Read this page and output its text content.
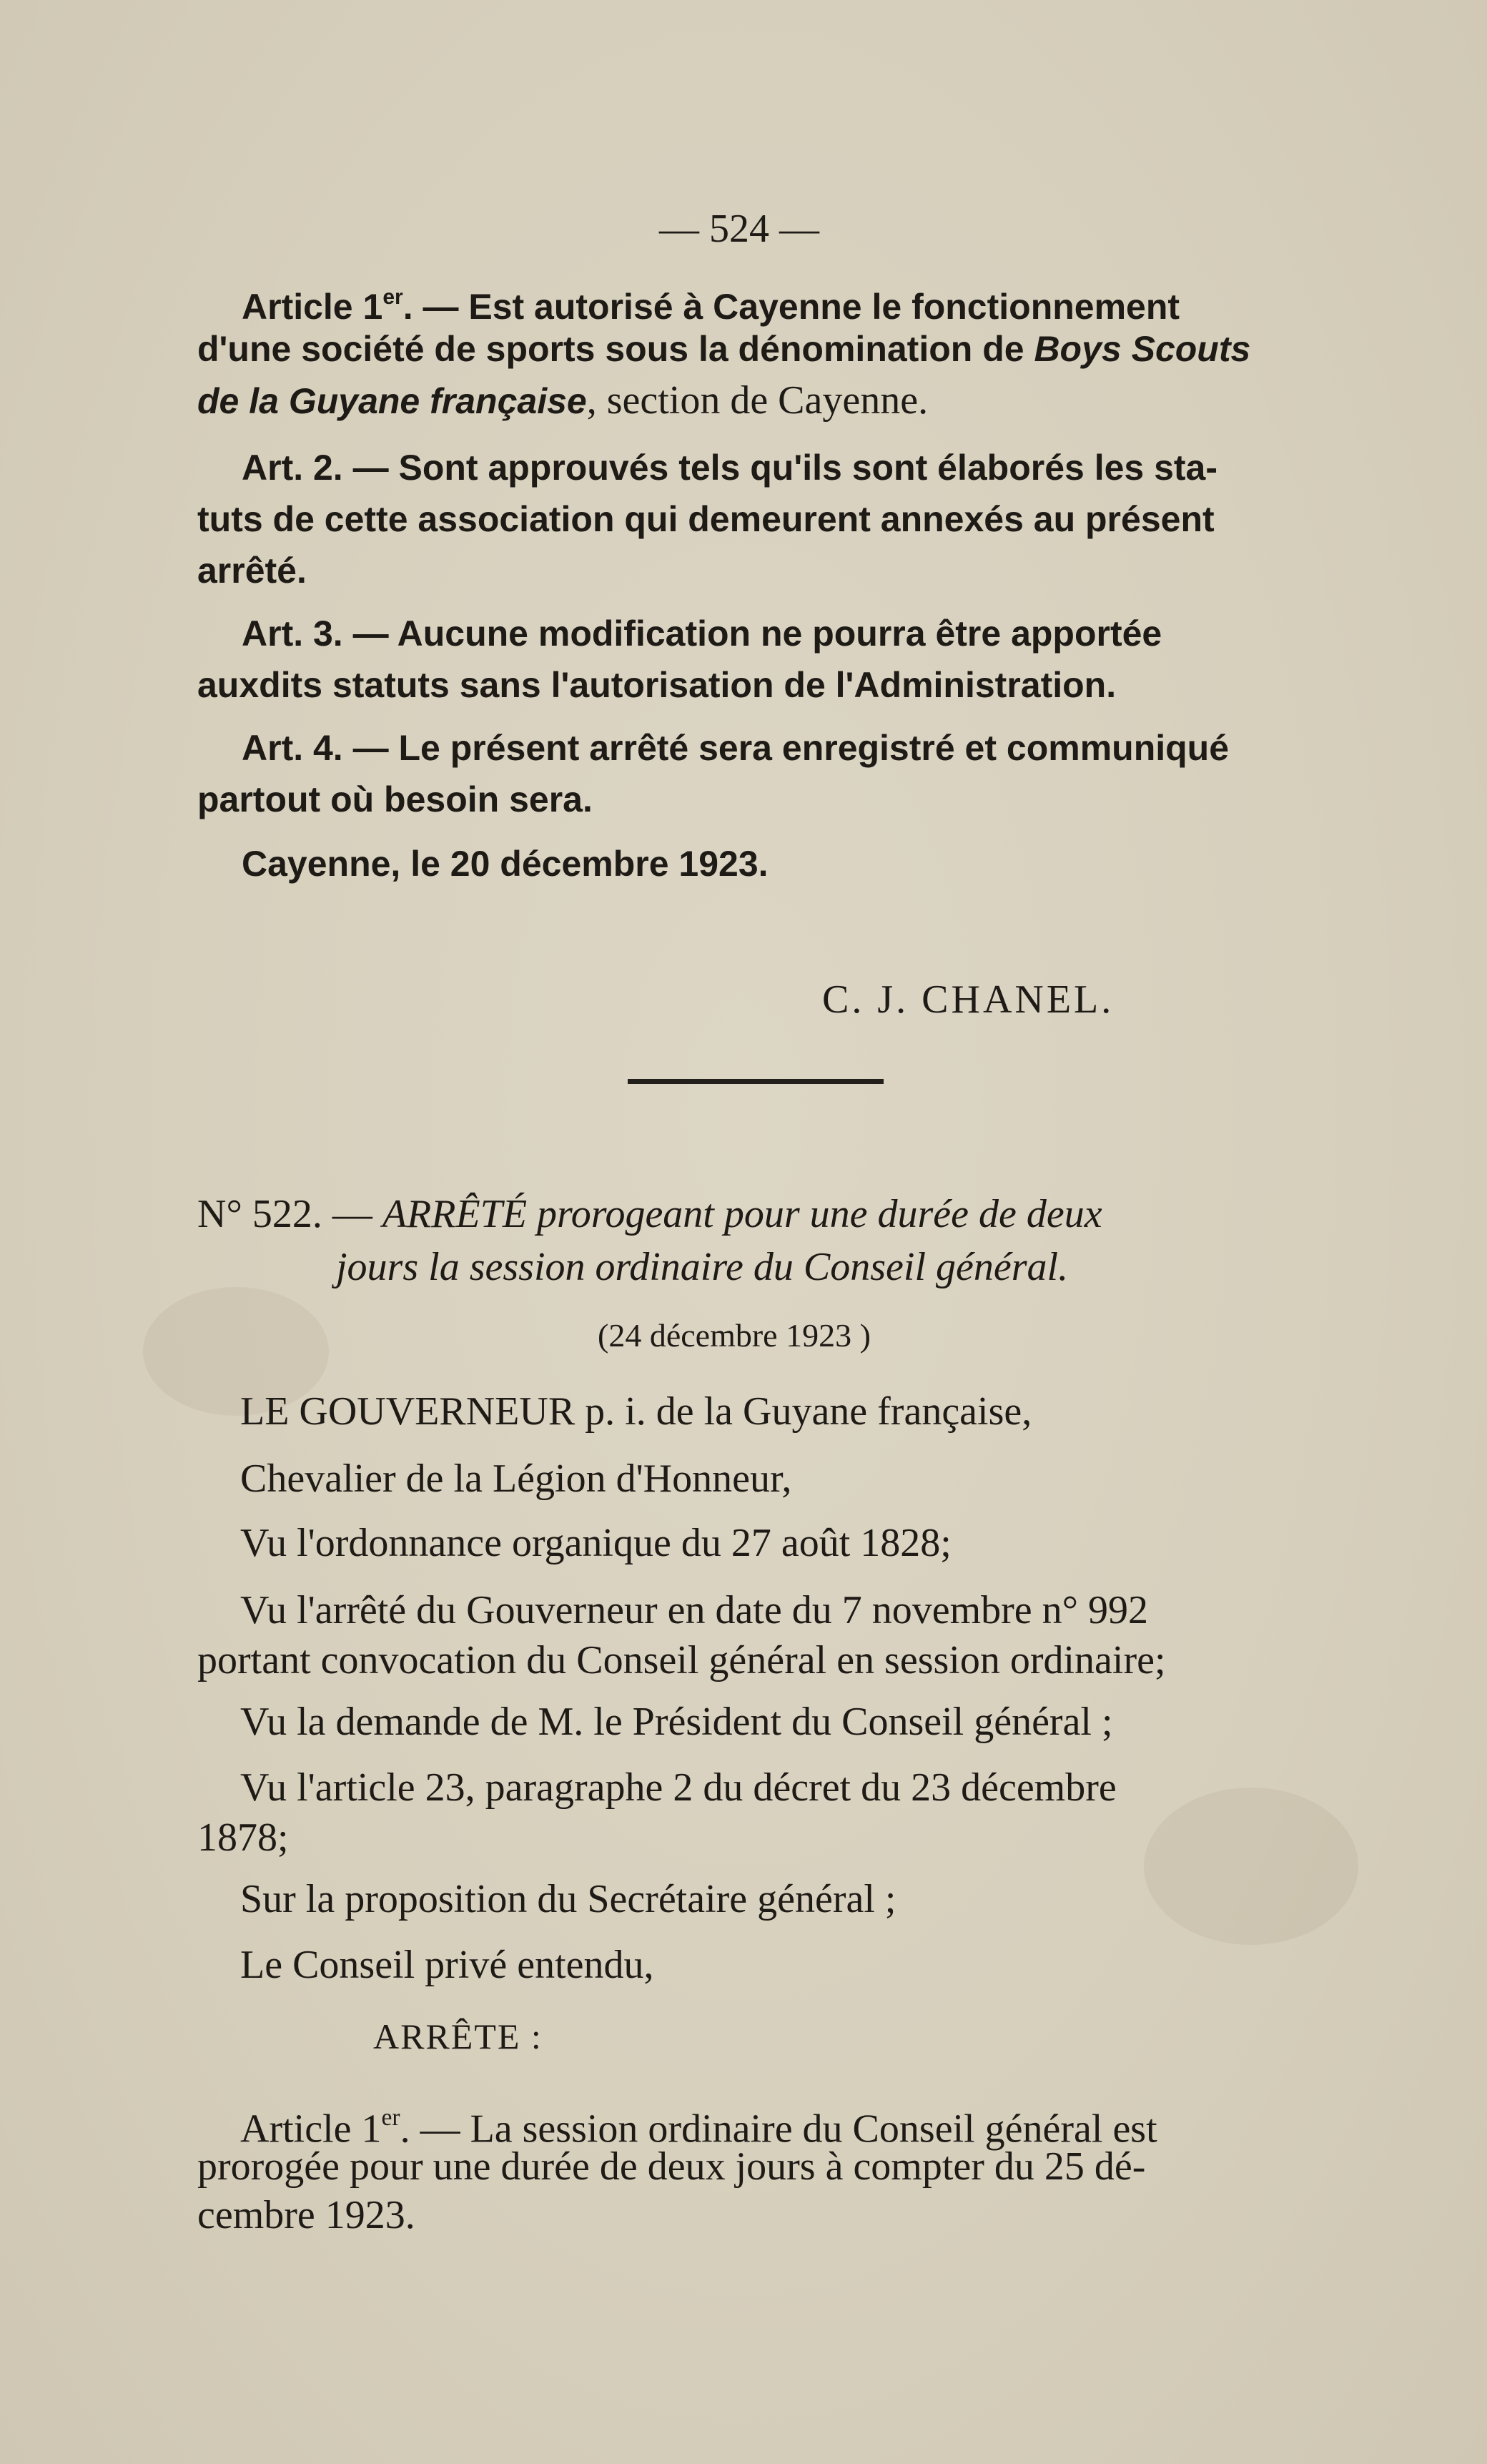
— 524 —

Article 1er. — Est autorisé à Cayenne le fonctionnement

d'une société de sports sous la dénomination de Boys Scouts

de la Guyane française, section de Cayenne.

Art. 2. — Sont approuvés tels qu'ils sont élaborés les sta-

tuts de cette association qui demeurent annexés au présent

arrêté.

Art. 3. — Aucune modification ne pourra être apportée

auxdits statuts sans l'autorisation de l'Administration.

Art. 4. — Le présent arrêté sera enregistré et communiqué

partout où besoin sera.

Cayenne, le 20 décembre 1923.

C. J. CHANEL.

N° 522. — ARRÊTÉ prorogeant pour une durée de deux

jours la session ordinaire du Conseil général.

(24 décembre 1923 )

LE GOUVERNEUR p. i. de la Guyane française,

Chevalier de la Légion d'Honneur,

Vu l'ordonnance organique du 27 août 1828;

Vu l'arrêté du Gouverneur en date du 7 novembre n° 992

portant convocation du Conseil général en session ordinaire;

Vu la demande de M. le Président du Conseil général ;

Vu l'article 23, paragraphe 2 du décret du 23 décembre

1878;

Sur la proposition du Secrétaire général ;

Le Conseil privé entendu,

ARRÊTE :

Article 1er. — La session ordinaire du Conseil général est

prorogée pour une durée de deux jours à compter du 25 dé-

cembre 1923.
